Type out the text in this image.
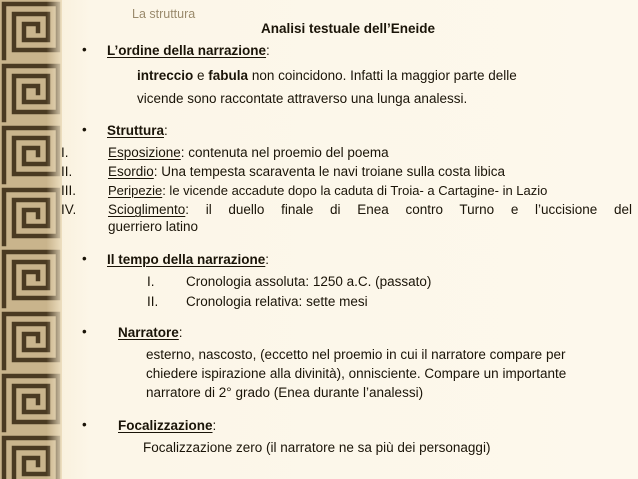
La struttura
Analisi testuale dell’Eneide
• L’ordine della narrazione:
intreccio e fabula non coincidono. Infatti la maggior parte delle
vicende sono raccontate attraverso una lunga analessi.
• Struttura:
I.	Esposizione: contenuta nel proemio del poema
II.	Esordio: Una tempesta scaraventa le navi troiane sulla costa libica
III. Peripezie: le vicende accadute dopo la caduta di Troia- a Cartagine- in Lazio
IV. Scioglimento: il duello finale di Enea contro Turno e l’uccisione del
guerriero latino
• Il tempo della narrazione:
I. Cronologia assoluta: 1250 a.C. (passato)
II. Cronologia relativa: sette mesi
• Narratore:
esterno, nascosto, (eccetto nel proemio in cui il narratore compare per
chiedere ispirazione alla divinità), onnisciente. Compare un importante
narratore di 2° grado (Enea durante l’analessi)
• Focalizzazione:
Focalizzazione zero (il narratore ne sa più dei personaggi)
